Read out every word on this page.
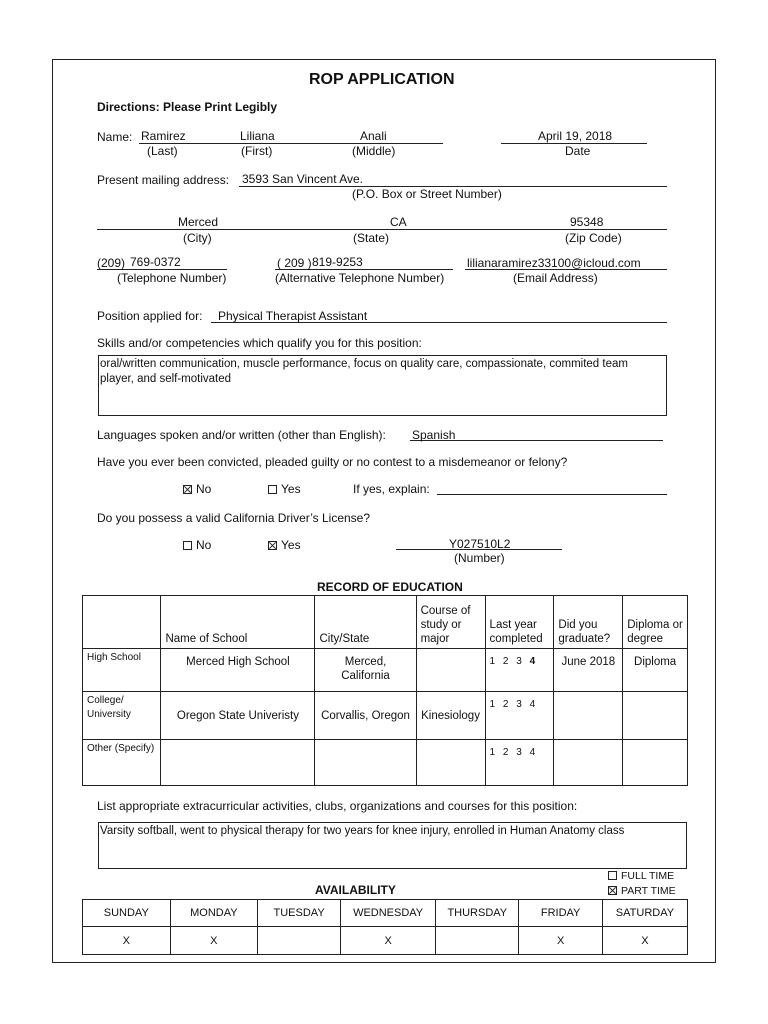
ROP APPLICATION
Directions: Please Print Legibly
Name: Ramirez	Liliana	Anali	April 19, 2018
(Last)	(First)	(Middle)	Date
Present mailing address: 3593 San Vincent Ave.
(P.O. Box or Street Number)
Merced	CA	95348
(City)	(State)	(Zip Code)
(209) 769-0372	( 209 ) 819-9253	lilianaramirez33100@icloud.com
(Telephone Number)	(Alternative Telephone Number)	(Email Address)
Position applied for: Physical Therapist Assistant
Skills and/or competencies which qualify you for this position:
oral/written communication, muscle performance, focus on quality care, compassionate, commited team player, and self-motivated
Languages spoken and/or written (other than English): Spanish
Have you ever been convicted, pleaded guilty or no contest to a misdemeanor or felony?
No	Yes	If yes, explain:
Do you possess a valid California Driver’s License?
No	Yes	Y027510L2
(Number)
RECORD OF EDUCATION
	Name of School	City/State	Course of study or major	Last year completed	Did you graduate?	Diploma or degree
High School	Merced High School	Merced, California		1 2 3 4	June 2018	Diploma
College/ University	Oregon State Univeristy	Corvallis, Oregon	Kinesiology	1 2 3 4		
Other (Specify)				1 2 3 4		
List appropriate extracurricular activities, clubs, organizations and courses for this position:
Varsity softball, went to physical therapy for two years for knee injury, enrolled in Human Anatomy class
FULL TIME
PART TIME
AVAILABILITY
SUNDAY	MONDAY	TUESDAY	WEDNESDAY	THURSDAY	FRIDAY	SATURDAY
X	X		X		X	X
